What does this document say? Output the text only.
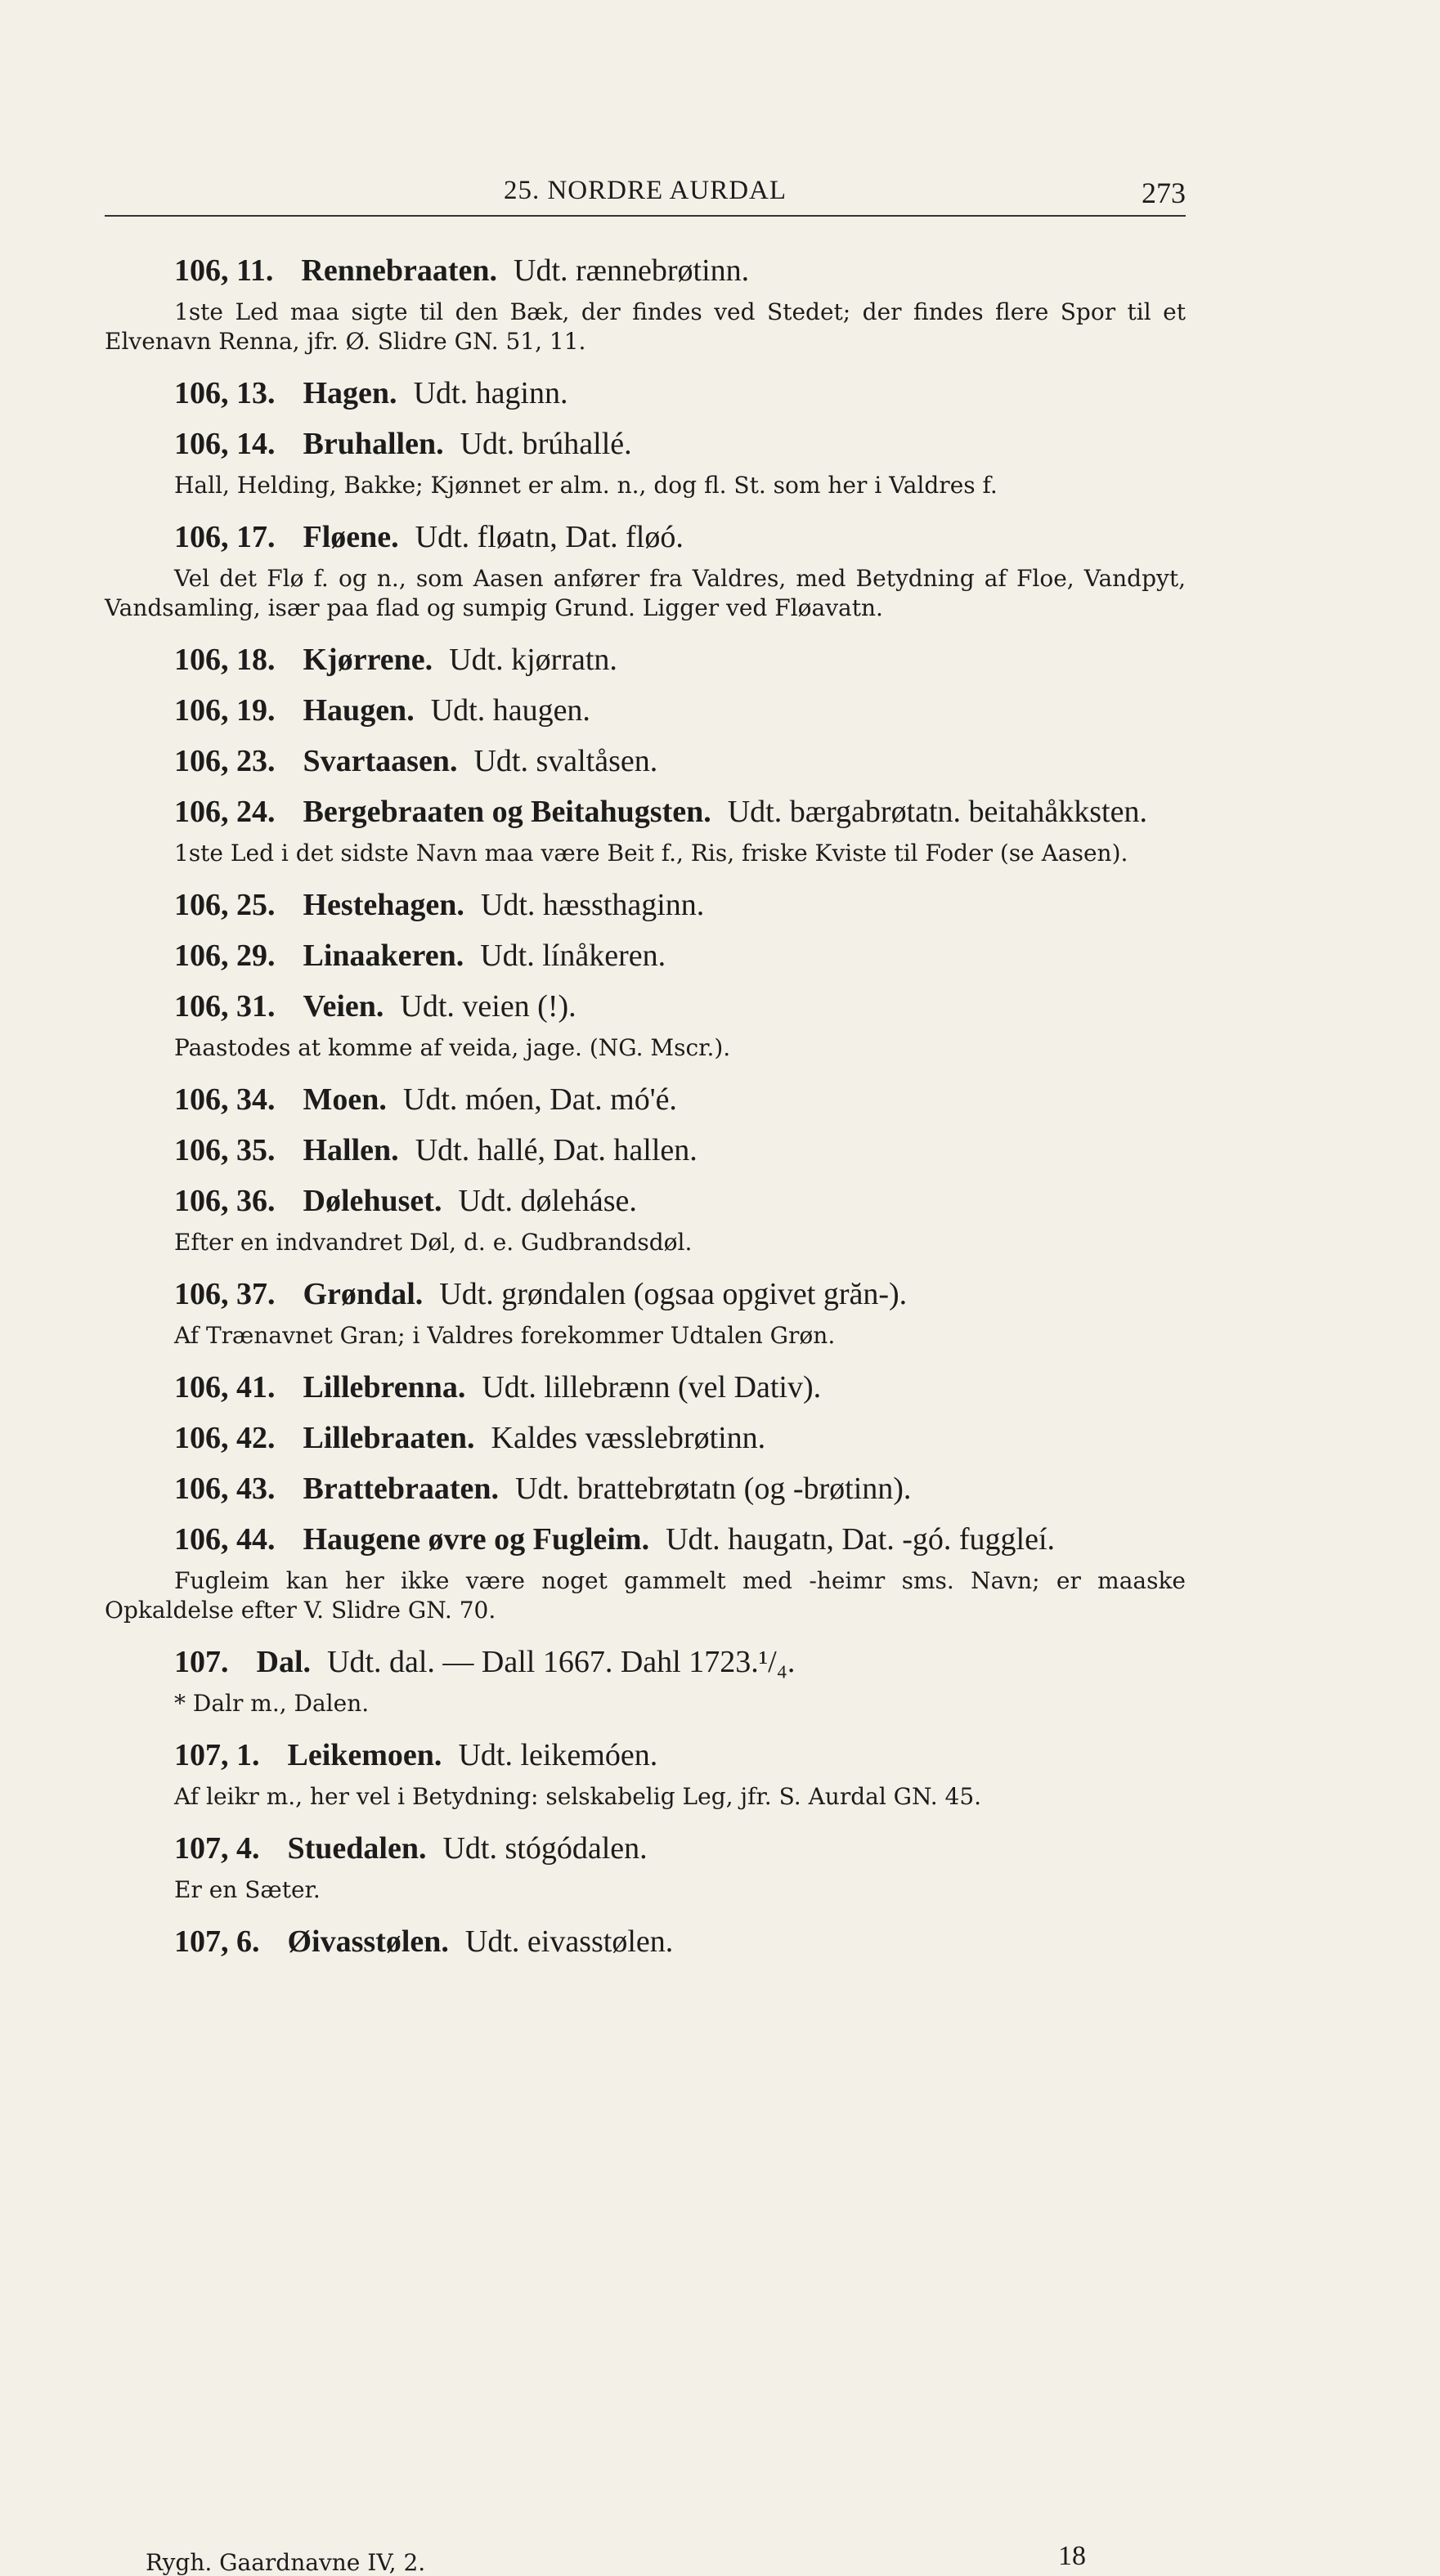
25. NORDRE AURDAL	273
106, 11. Rennebraaten. Udt. rænnebrøtinn.
1ste Led maa sigte til den Bæk, der findes ved Stedet; der findes flere Spor til et Elvenavn Renna, jfr. Ø. Slidre GN. 51, 11.
106, 13. Hagen. Udt. haginn.
106, 14. Bruhallen. Udt. brúhallé.
Hall, Helding, Bakke; Kjønnet er alm. n., dog fl. St. som her i Valdres f.
106, 17. Fløene. Udt. fløatn, Dat. fløó.
Vel det Flø f. og n., som Aasen anfører fra Valdres, med Betydning af Floe, Vandpyt, Vandsamling, især paa flad og sumpig Grund. Ligger ved Fløavatn.
106, 18. Kjørrene. Udt. kjørratn.
106, 19. Haugen. Udt. haugen.
106, 23. Svartaasen. Udt. svaltåsen.
106, 24. Bergebraaten og Beitahugsten. Udt. bærgabrøtatn. beitahåkksten.
1ste Led i det sidste Navn maa være Beit f., Ris, friske Kviste til Foder (se Aasen).
106, 25. Hestehagen. Udt. hæssthaginn.
106, 29. Linaakeren. Udt. línåkeren.
106, 31. Veien. Udt. veien (!).
Paastodes at komme af veida, jage. (NG. Mscr.).
106, 34. Moen. Udt. móen, Dat. mó'é.
106, 35. Hallen. Udt. hallé, Dat. hallen.
106, 36. Dølehuset. Udt. døleháse.
Efter en indvandret Døl, d. e. Gudbrandsdøl.
106, 37. Grøndal. Udt. grøndalen (ogsaa opgivet grăn-).
Af Trænavnet Gran; i Valdres forekommer Udtalen Grøn.
106, 41. Lillebrenna. Udt. lillebrænn (vel Dativ).
106, 42. Lillebraaten. Kaldes væsslebrøtinn.
106, 43. Brattebraaten. Udt. brattebrøtatn (og -brøtinn).
106, 44. Haugene øvre og Fugleim. Udt. haugatn, Dat. -gó. fuggleí.
Fugleim kan her ikke være noget gammelt med -heimr sms. Navn; er maaske Opkaldelse efter V. Slidre GN. 70.
107. Dal. Udt. dal. — Dall 1667. Dahl 1723.¹/₄.
* Dalr m., Dalen.
107, 1. Leikemoen. Udt. leikemóen.
Af leikr m., her vel i Betydning: selskabelig Leg, jfr. S. Aurdal GN. 45.
107, 4. Stuedalen. Udt. stógódalen.
Er en Sæter.
107, 6. Øivasstølen. Udt. eivasstølen.
Rygh. Gaardnavne IV, 2.	18
